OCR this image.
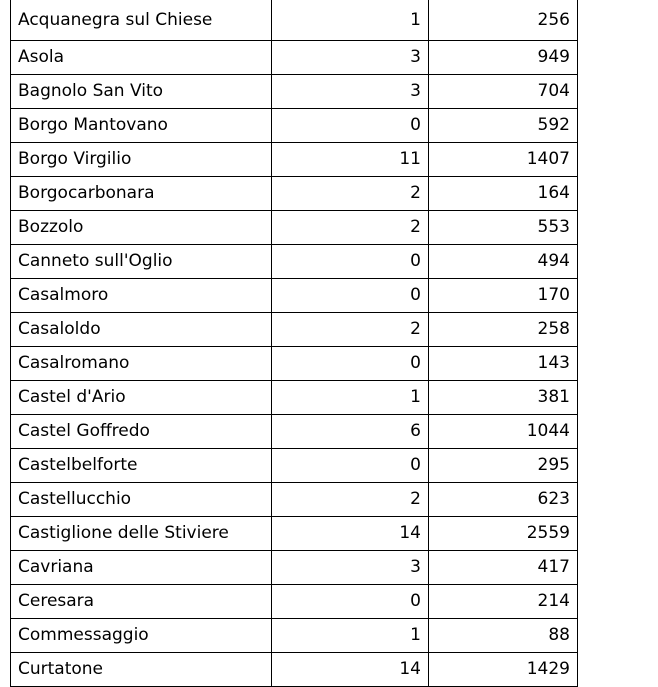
Acquanegra sul Chiese	1	256
Asola	3	949
Bagnolo San Vito	3	704
Borgo Mantovano	0	592
Borgo Virgilio	11	1407
Borgocarbonara	2	164
Bozzolo	2	553
Canneto sull'Oglio	0	494
Casalmoro	0	170
Casaloldo	2	258
Casalromano	0	143
Castel d'Ario	1	381
Castel Goffredo	6	1044
Castelbelforte	0	295
Castellucchio	2	623
Castiglione delle Stiviere	14	2559
Cavriana	3	417
Ceresara	0	214
Commessaggio	1	88
Curtatone	14	1429
